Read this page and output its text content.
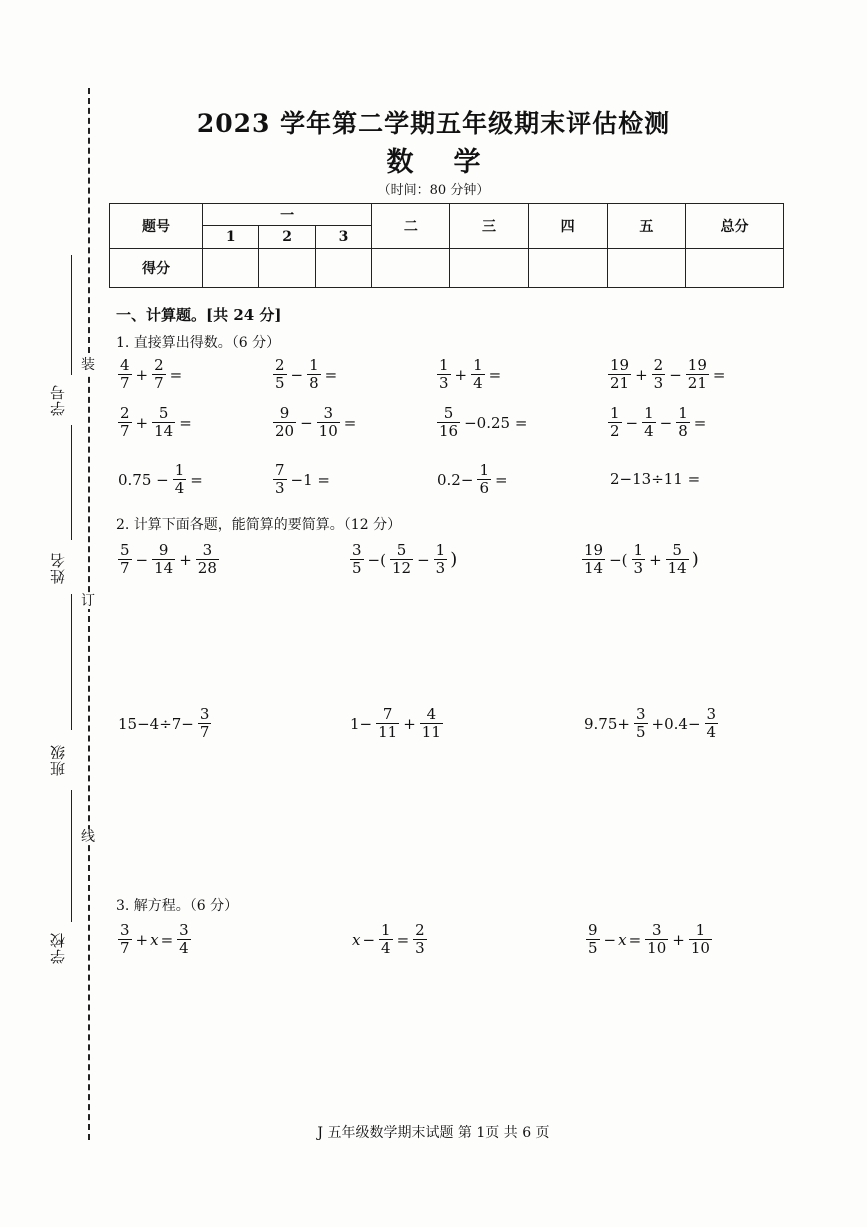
装
订
线
学号
姓名
班级
学校
2023 学年第二学期五年级期末评估检测
数学
（时间：80 分钟）
题号	一			二	三	四	五	总分
	1	2	3					
得分								
一、计算题。[共 24 分]
1. 直接算出得数。（6 分）
$\frac{4}{7} + \frac{2}{7}$ =	$\frac{2}{5} - \frac{1}{8}$ =	$\frac{1}{3} + \frac{1}{4}$ =	$\frac{19}{21} + \frac{2}{3} - \frac{19}{21}$ =
$\frac{2}{7} + \frac{5}{14}$ =	$\frac{9}{20} - \frac{3}{10}$ =	$\frac{5}{16} -0.25$ =	$\frac{1}{2} - \frac{1}{4} - \frac{1}{8}$ =
$0.75 - \frac{1}{4}$ =	$\frac{7}{3} -1$ =	$0.2- \frac{1}{6}$ =	2−13÷11 =
2. 计算下面各题，能简算的要简算。（12 分）
$\frac{5}{7} - \frac{9}{14} + \frac{3}{28}$	$\frac{3}{5}$ −( $\frac{5}{12} - \frac{1}{3}$ )	$\frac{19}{14}$ −( $\frac{1}{3} + \frac{5}{14}$ )
$15-4\div 7- \frac{3}{7}$	$1- \frac{7}{11} + \frac{4}{11}$	$9.75+ \frac{3}{5} +0.4- \frac{3}{4}$
3. 解方程。（6 分）
$\frac{3}{7} + x = \frac{3}{4}$	$x - \frac{1}{4} = \frac{2}{3}$	$\frac{9}{5} - x = \frac{3}{10} + \frac{1}{10}$
J 五年级数学期末试题 第 1页 共 6 页
